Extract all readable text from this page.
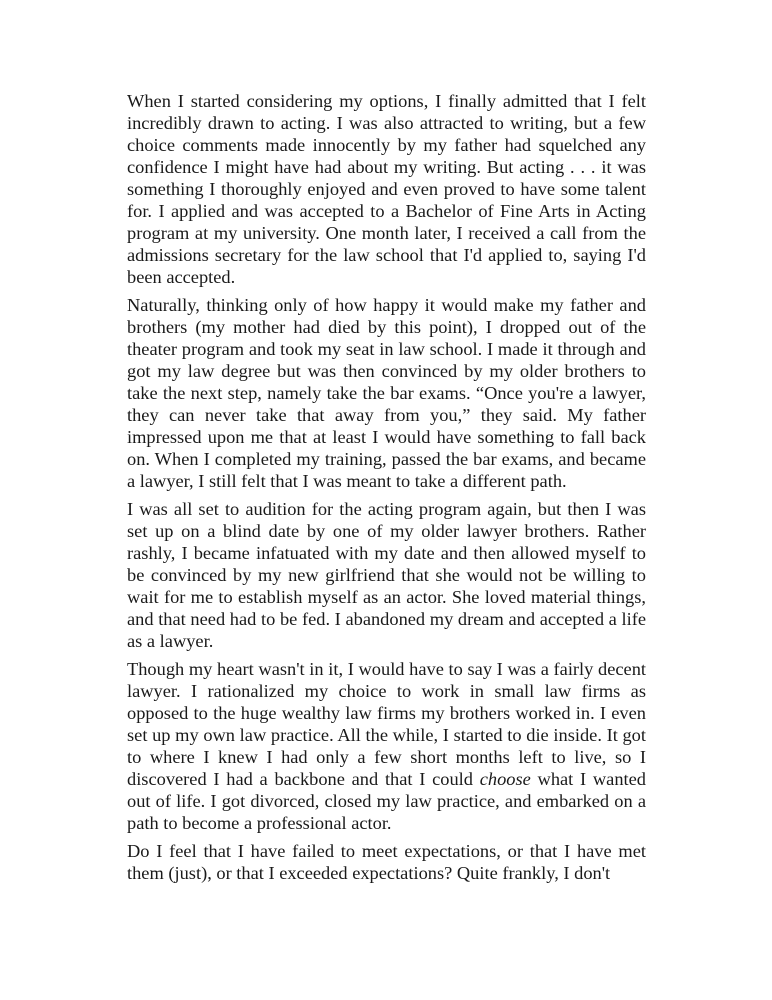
When I started considering my options, I finally admitted that I felt incredibly drawn to acting. I was also attracted to writing, but a few choice comments made innocently by my father had squelched any confidence I might have had about my writing. But acting . . . it was something I thoroughly enjoyed and even proved to have some talent for. I applied and was accepted to a Bachelor of Fine Arts in Acting program at my university. One month later, I received a call from the admissions secretary for the law school that I'd applied to, saying I'd been accepted.

Naturally, thinking only of how happy it would make my father and brothers (my mother had died by this point), I dropped out of the theater program and took my seat in law school. I made it through and got my law degree but was then convinced by my older brothers to take the next step, namely take the bar exams. “Once you're a lawyer, they can never take that away from you,” they said. My father impressed upon me that at least I would have something to fall back on. When I completed my training, passed the bar exams, and became a lawyer, I still felt that I was meant to take a different path.

I was all set to audition for the acting program again, but then I was set up on a blind date by one of my older lawyer brothers. Rather rashly, I became infatuated with my date and then allowed myself to be convinced by my new girlfriend that she would not be willing to wait for me to establish myself as an actor. She loved material things, and that need had to be fed. I abandoned my dream and accepted a life as a lawyer.

Though my heart wasn't in it, I would have to say I was a fairly decent lawyer. I rationalized my choice to work in small law firms as opposed to the huge wealthy law firms my brothers worked in. I even set up my own law practice. All the while, I started to die inside. It got to where I knew I had only a few short months left to live, so I discovered I had a backbone and that I could choose what I wanted out of life. I got divorced, closed my law practice, and embarked on a path to become a professional actor.

Do I feel that I have failed to meet expectations, or that I have met them (just), or that I exceeded expectations? Quite frankly, I don't
